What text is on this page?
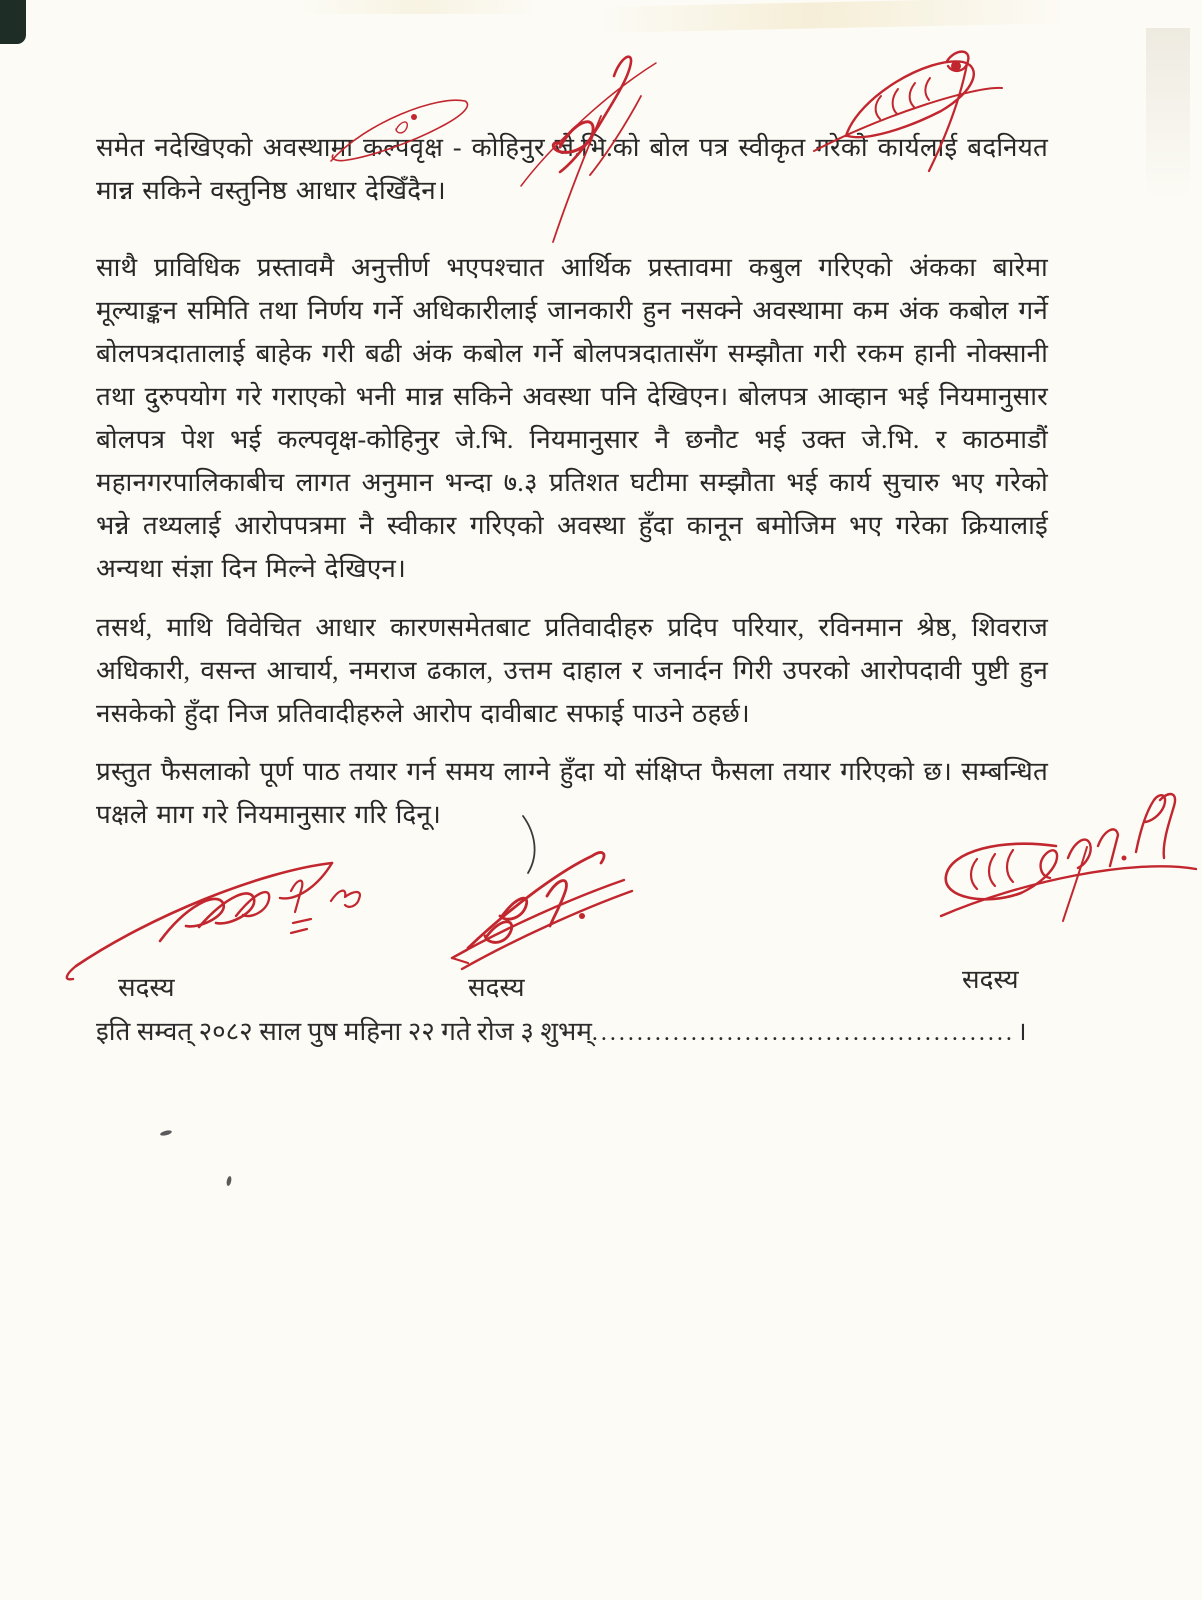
समेत नदेखिएको अवस्थामा कल्पवृक्ष - कोहिनुर जे.भि.को बोल पत्र स्वीकृत गरेको कार्यलाई बदनियत मान्न सकिने वस्तुनिष्ठ आधार देखिँदैन।

साथै प्राविधिक प्रस्तावमै अनुत्तीर्ण भएपश्चात आर्थिक प्रस्तावमा कबुल गरिएको अंकका बारेमा मूल्याङ्कन समिति तथा निर्णय गर्ने अधिकारीलाई जानकारी हुन नसक्ने अवस्थामा कम अंक कबोल गर्ने बोलपत्रदातालाई बाहेक गरी बढी अंक कबोल गर्ने बोलपत्रदातासँग सम्झौता गरी रकम हानी नोक्सानी तथा दुरुपयोग गरे गराएको भनी मान्न सकिने अवस्था पनि देखिएन। बोलपत्र आव्हान भई नियमानुसार बोलपत्र पेश भई कल्पवृक्ष-कोहिनुर जे.भि. नियमानुसार नै छनौट भई उक्त जे.भि. र काठमाडौं महानगरपालिकाबीच लागत अनुमान भन्दा ७.३ प्रतिशत घटीमा सम्झौता भई कार्य सुचारु भए गरेको भन्ने तथ्यलाई आरोपपत्रमा नै स्वीकार गरिएको अवस्था हुँदा कानून बमोजिम भए गरेका क्रियालाई अन्यथा संज्ञा दिन मिल्ने देखिएन।

तसर्थ, माथि विवेचित आधार कारणसमेतबाट प्रतिवादीहरु प्रदिप परियार, रविनमान श्रेष्ठ, शिवराज अधिकारी, वसन्त आचार्य, नमराज ढकाल, उत्तम दाहाल र जनार्दन गिरी उपरको आरोपदावी पुष्टी हुन नसकेको हुँदा निज प्रतिवादीहरुले आरोप दावीबाट सफाई पाउने ठहर्छ।

प्रस्तुत फैसलाको पूर्ण पाठ तयार गर्न समय लाग्ने हुँदा यो संक्षिप्त फैसला तयार गरिएको छ। सम्बन्धित पक्षले माग गरे नियमानुसार गरि दिनू।

सदस्य	सदस्य	सदस्य
इति सम्वत् २०८२ साल पुष महिना २२ गते रोज ३ शुभम् ............................................... ।
